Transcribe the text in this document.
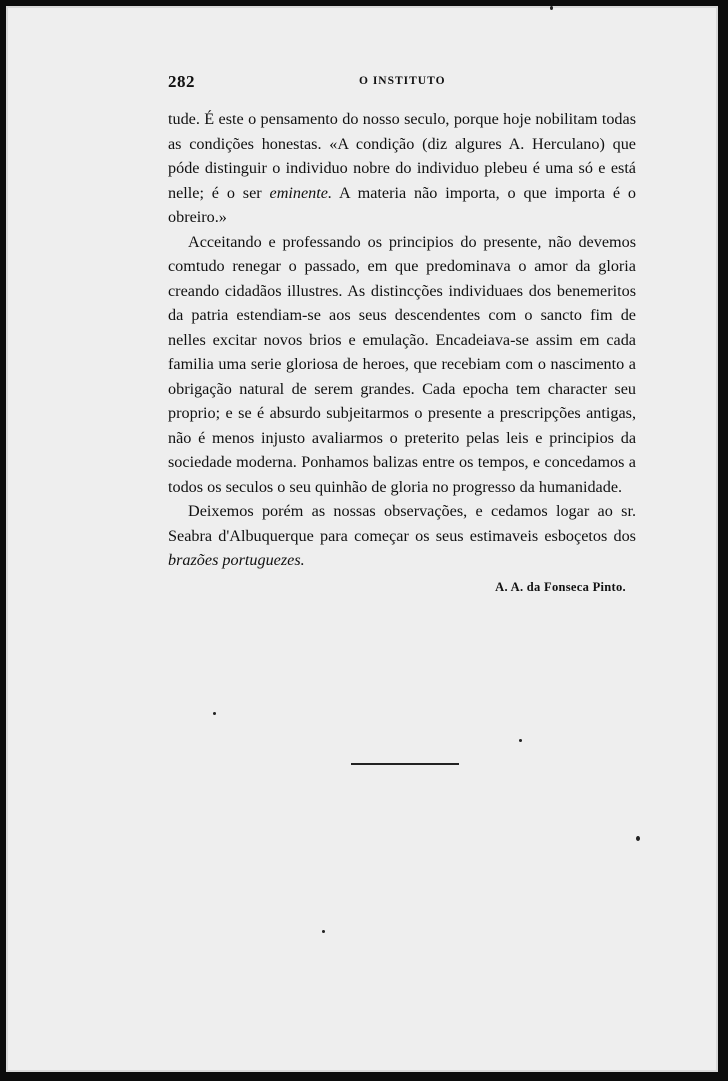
282	O INSTITUTO

tude. É este o pensamento do nosso seculo, porque hoje nobilitam todas as condições honestas. «A condição (diz algures A. Herculano) que póde distinguir o individuo nobre do individuo plebeu é uma só e está nelle; é o ser eminente. A materia não importa, o que importa é o obreiro.»

Acceitando e professando os principios do presente, não devemos comtudo renegar o passado, em que predominava o amor da gloria creando cidadãos illustres. As distincções individuaes dos benemeritos da patria estendiam-se aos seus descendentes com o sancto fim de nelles excitar novos brios e emulação. Encadeiava-se assim em cada familia uma serie gloriosa de heroes, que recebiam com o nascimento a obrigação natural de serem grandes. Cada epocha tem character seu proprio; e se é absurdo subjeitarmos o presente a prescripções antigas, não é menos injusto avaliarmos o preterito pelas leis e principios da sociedade moderna. Ponhamos balizas entre os tempos, e concedamos a todos os seculos o seu quinhão de gloria no progresso da humanidade.

Deixemos porém as nossas observações, e cedamos logar ao sr. Seabra d'Albuquerque para começar os seus estimaveis esboçetos dos brazões portuguezes.

A. A. da Fonseca Pinto.
